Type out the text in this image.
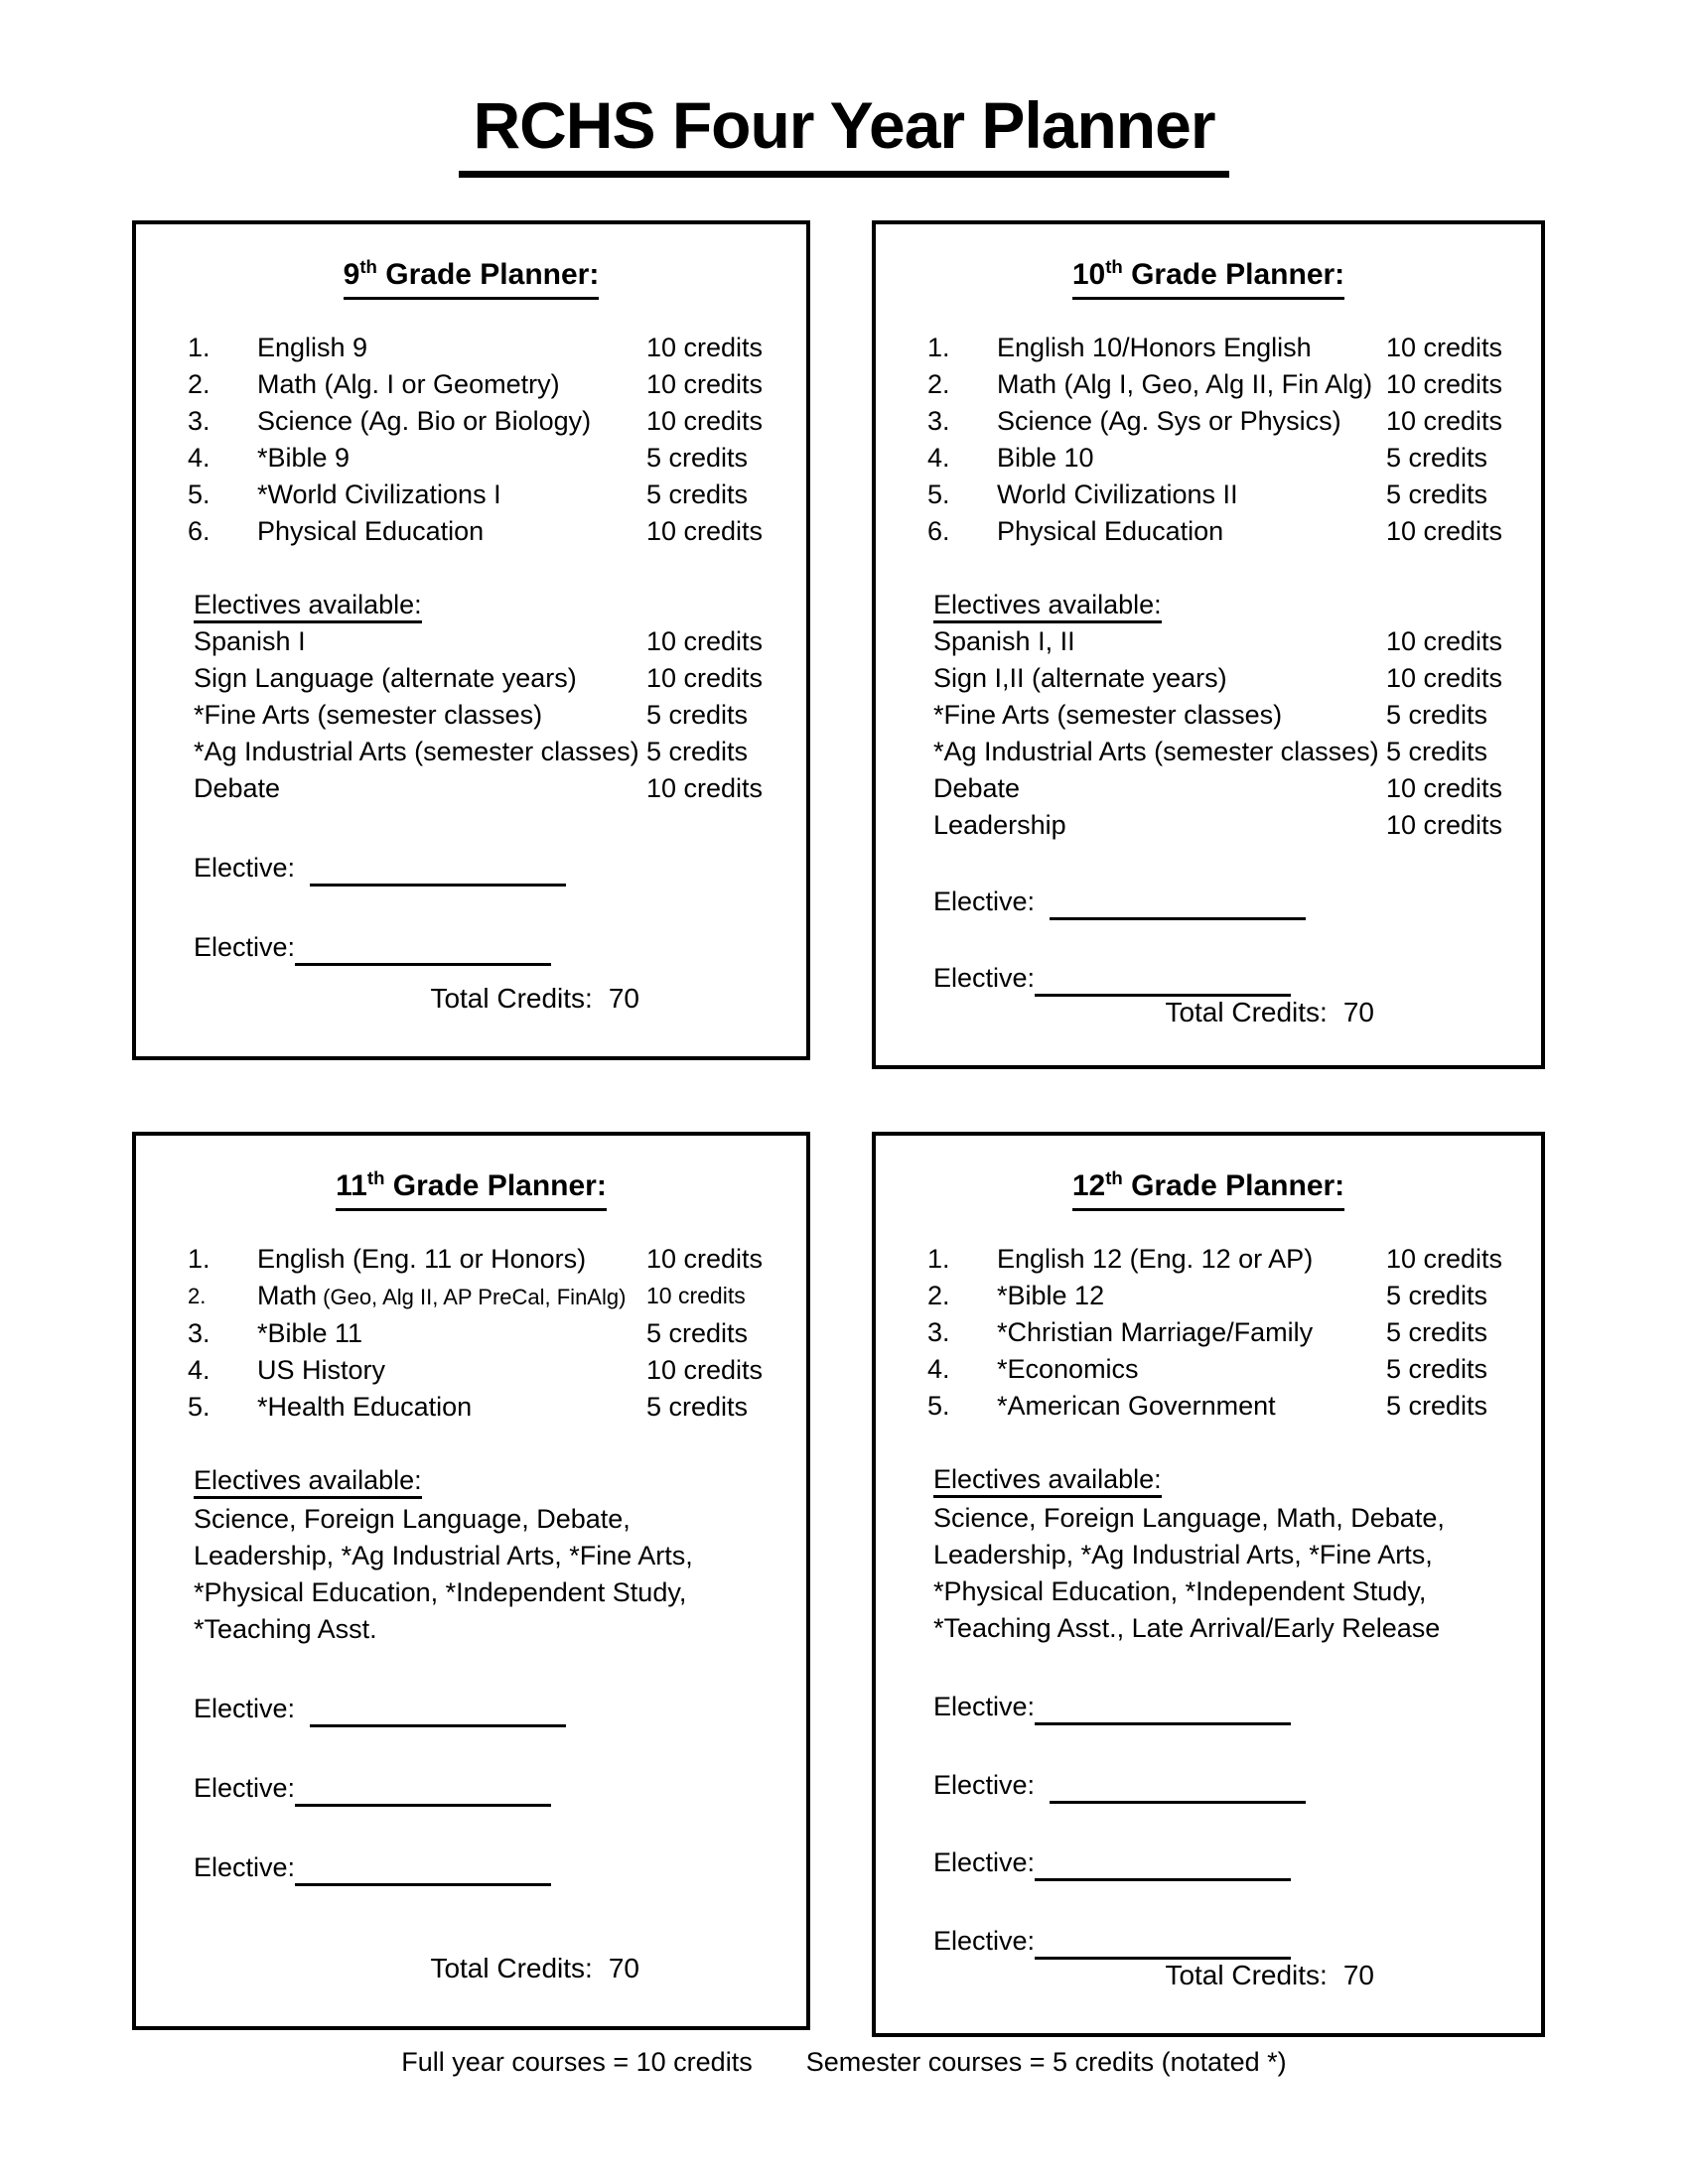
RCHS Four Year Planner
9th Grade Planner:
1. English 9	10 credits
2. Math (Alg. I or Geometry)	10 credits
3. Science (Ag. Bio or Biology) 10 credits
4. *Bible 9	5 credits
5. *World Civilizations I	5 credits
6. Physical Education	10 credits
Electives available:
Spanish I	10 credits
Sign Language (alternate years)	10 credits
*Fine Arts (semester classes)	5 credits
*Ag Industrial Arts (semester classes) 5 credits
Debate	10 credits
Elective:
Elective:
Total Credits: 70
10th Grade Planner:
1. English 10/Honors English	10 credits
2. Math (Alg I, Geo, Alg II, Fin Alg) 10 credits
3. Science (Ag. Sys or Physics) 10 credits
4. Bible 10	5 credits
5. World Civilizations II	5 credits
6. Physical Education	10 credits
Electives available:
Spanish I, II	10 credits
Sign I,II (alternate years)	10 credits
*Fine Arts (semester classes)	5 credits
*Ag Industrial Arts (semester classes) 5 credits
Debate	10 credits
Leadership	10 credits
Elective:
Elective:
Total Credits: 70
11th Grade Planner:
1. English (Eng. 11 or Honors) 10 credits
2. Math (Geo, Alg II, AP PreCal, FinAlg) 10 credits
3. *Bible 11	5 credits
4. US History	10 credits
5. *Health Education	5 credits
Electives available:
Science, Foreign Language, Debate, Leadership, *Ag Industrial Arts, *Fine Arts, *Physical Education, *Independent Study, *Teaching Asst.
Elective:
Elective:
Elective:
Total Credits: 70
12th Grade Planner:
1. English 12 (Eng. 12 or AP)	10 credits
2. *Bible 12	5 credits
3. *Christian Marriage/Family	5 credits
4. *Economics	5 credits
5. *American Government	5 credits
Electives available:
Science, Foreign Language, Math, Debate, Leadership, *Ag Industrial Arts, *Fine Arts, *Physical Education, *Independent Study, *Teaching Asst., Late Arrival/Early Release
Elective:
Elective:
Elective:
Elective:
Total Credits: 70
Full year courses = 10 credits Semester courses = 5 credits (notated *)
